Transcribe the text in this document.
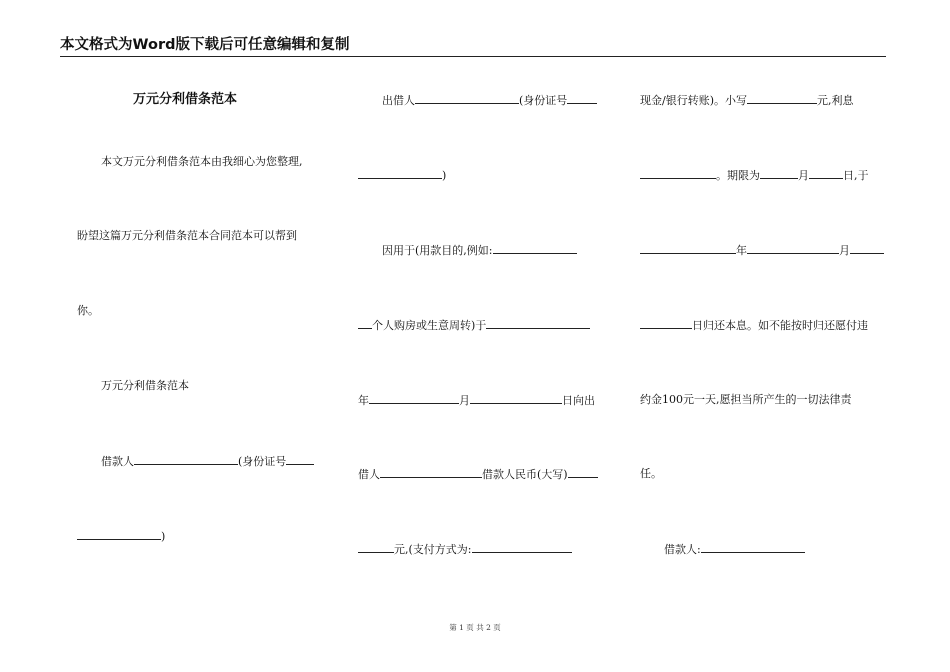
本文格式为Word版下载后可任意编辑和复制
万元分利借条范本
本文万元分利借条范本由我细心为您整理,
盼望这篇万元分利借条范本合同范本可以帮到
你。
万元分利借条范本
借款人	(身份证号
)
出借人	(身份证号
)
因用于(用款目的,例如:
个人购房或生意周转)于
年	月	日向出
借人	借款人民币(大写)
元,(支付方式为:
现金/银行转账)。小写	元,利息
。期限为	月	日,于
年	月
日归还本息。如不能按时归还愿付违
约金100元一天,愿担当所产生的一切法律责
任。
借款人:
第 1 页 共 2 页
